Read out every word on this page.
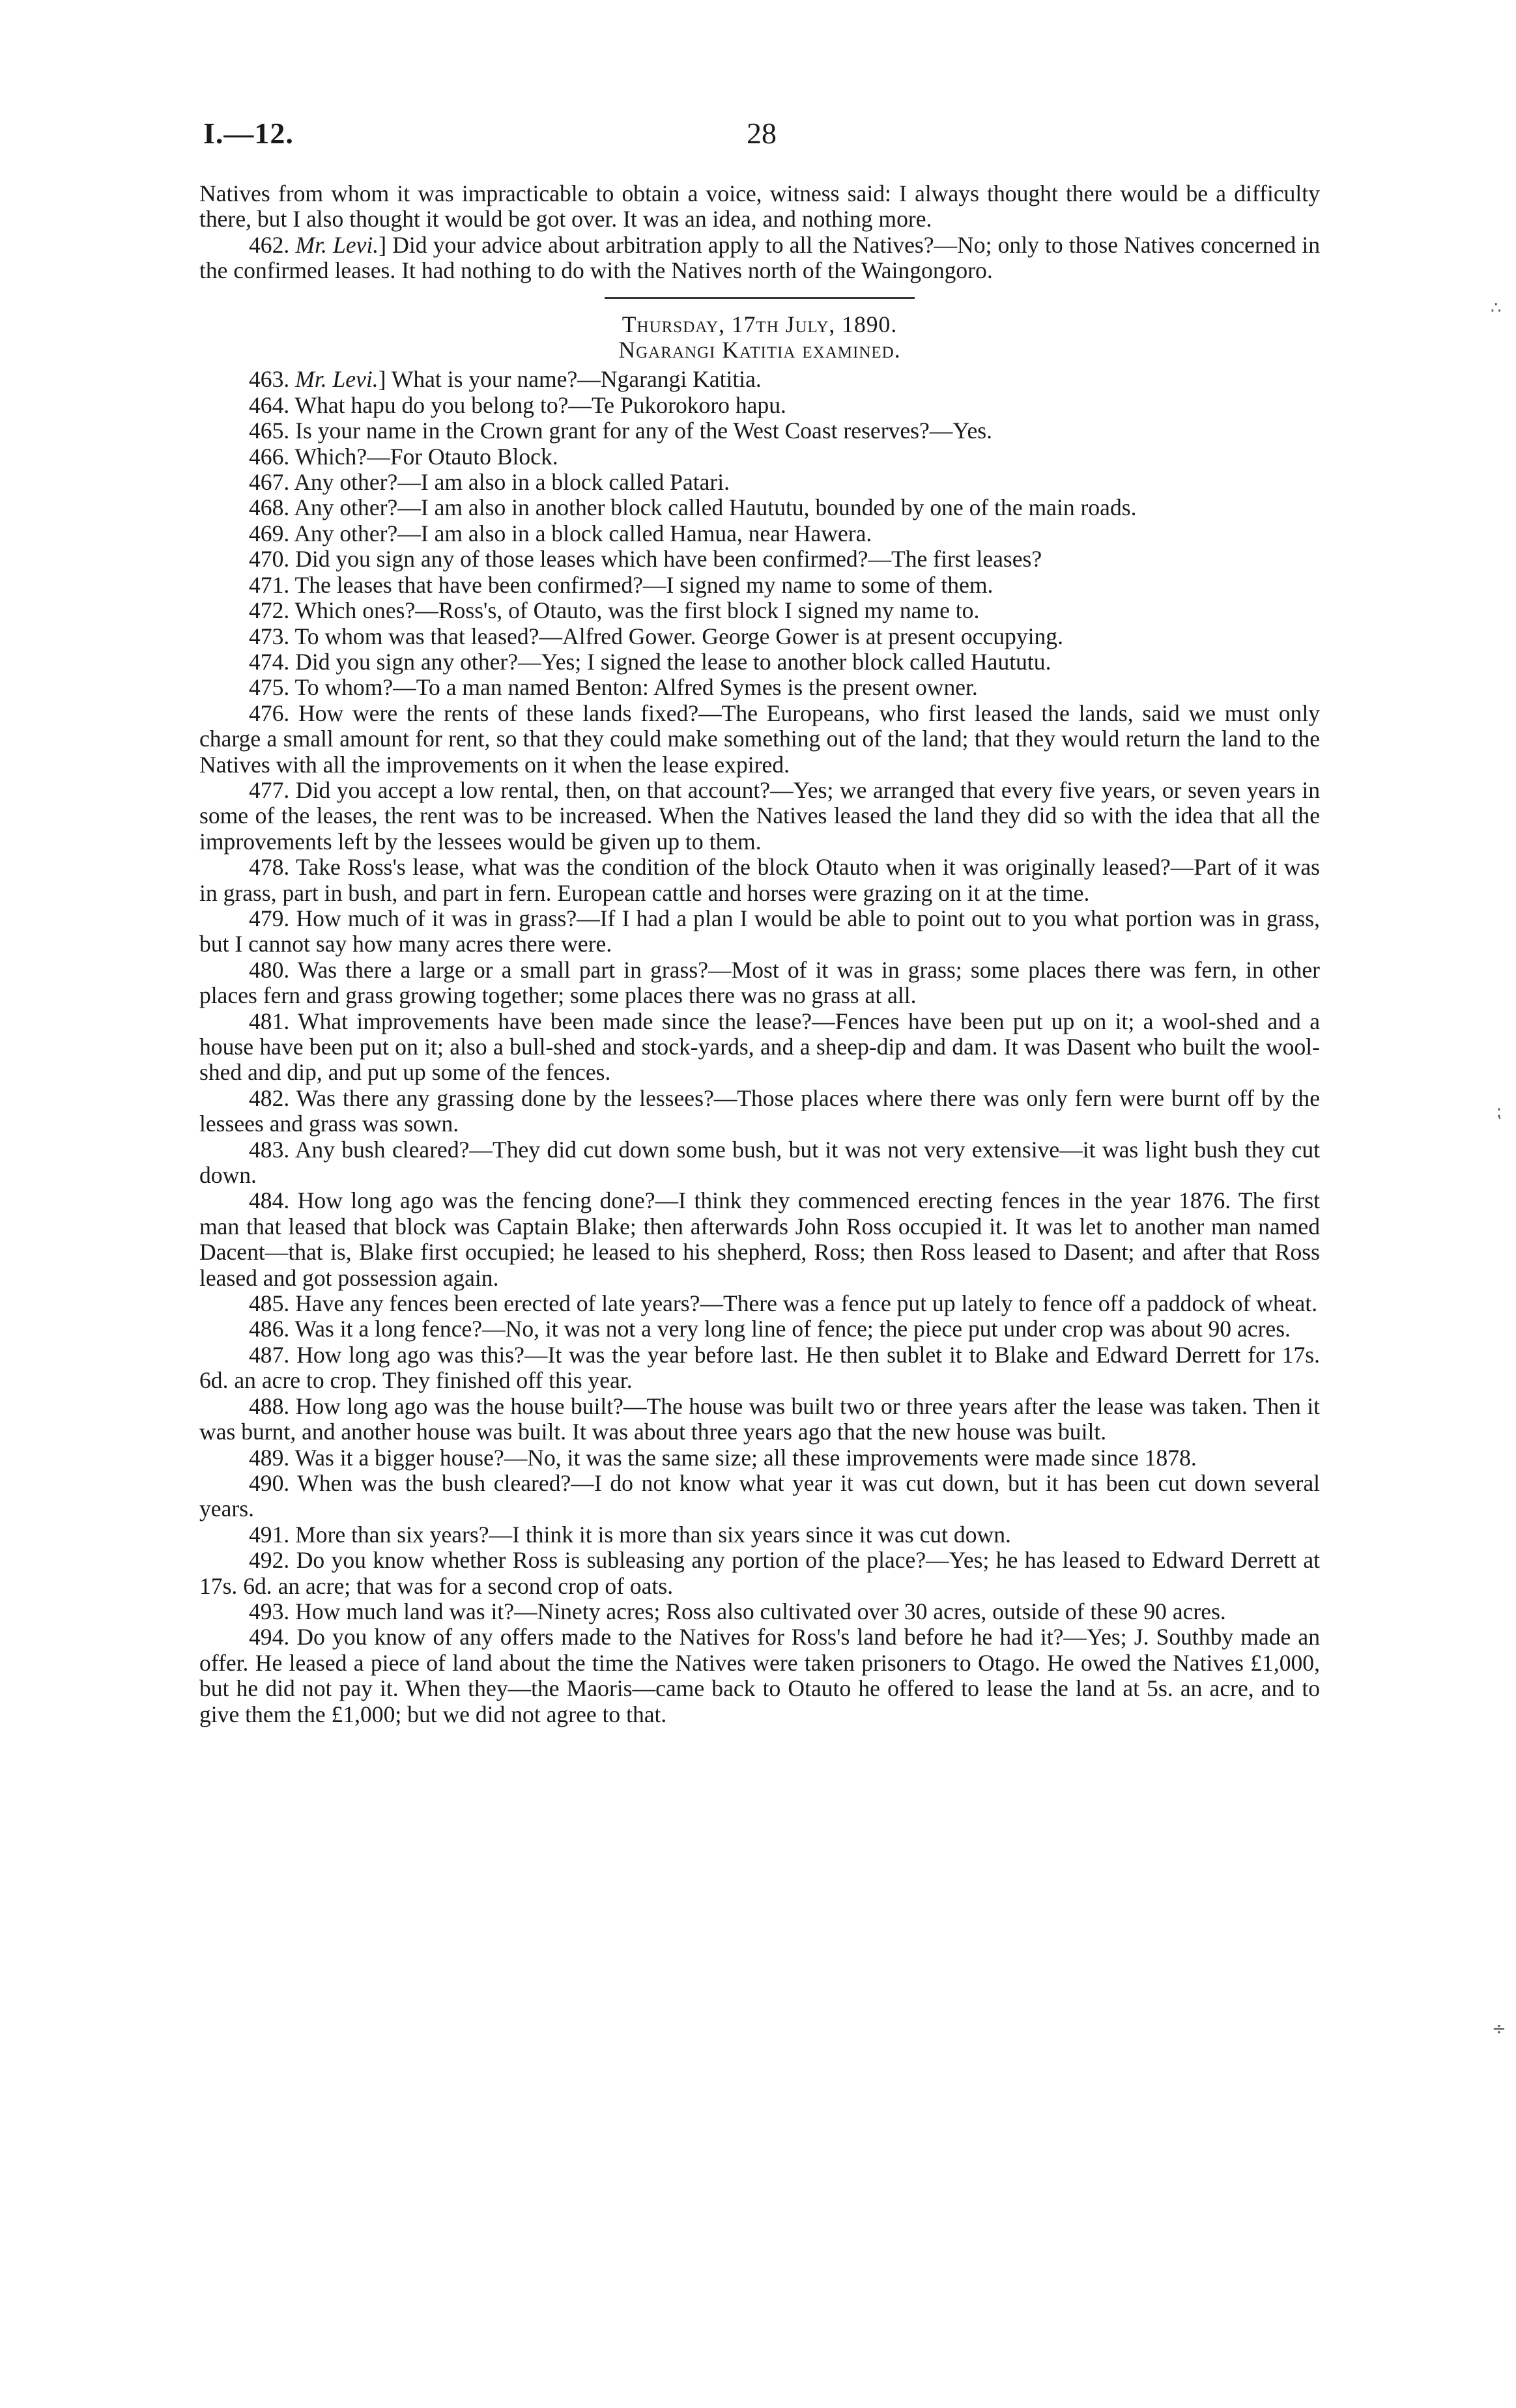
I.—12.	28
∴
⁏
÷

Natives from whom it was impracticable to obtain a voice, witness said: I always thought there would be a difficulty there, but I also thought it would be got over. It was an idea, and nothing more.

462. Mr. Levi.] Did your advice about arbitration apply to all the Natives?—No; only to those Natives concerned in the confirmed leases. It had nothing to do with the Natives north of the Waingongoro.

Thursday, 17th July, 1890.
Ngarangi Katitia examined.

463. Mr. Levi.] What is your name?—Ngarangi Katitia.

464. What hapu do you belong to?—Te Pukorokoro hapu.

465. Is your name in the Crown grant for any of the West Coast reserves?—Yes.

466. Which?—For Otauto Block.

467. Any other?—I am also in a block called Patari.

468. Any other?—I am also in another block called Haututu, bounded by one of the main roads.

469. Any other?—I am also in a block called Hamua, near Hawera.

470. Did you sign any of those leases which have been confirmed?—The first leases?

471. The leases that have been confirmed?—I signed my name to some of them.

472. Which ones?—Ross's, of Otauto, was the first block I signed my name to.

473. To whom was that leased?—Alfred Gower. George Gower is at present occupying.

474. Did you sign any other?—Yes; I signed the lease to another block called Haututu.

475. To whom?—To a man named Benton: Alfred Symes is the present owner.

476. How were the rents of these lands fixed?—The Europeans, who first leased the lands, said we must only charge a small amount for rent, so that they could make something out of the land; that they would return the land to the Natives with all the improvements on it when the lease expired.

477. Did you accept a low rental, then, on that account?—Yes; we arranged that every five years, or seven years in some of the leases, the rent was to be increased. When the Natives leased the land they did so with the idea that all the improvements left by the lessees would be given up to them.

478. Take Ross's lease, what was the condition of the block Otauto when it was originally leased?—Part of it was in grass, part in bush, and part in fern. European cattle and horses were grazing on it at the time.

479. How much of it was in grass?—If I had a plan I would be able to point out to you what portion was in grass, but I cannot say how many acres there were.

480. Was there a large or a small part in grass?—Most of it was in grass; some places there was fern, in other places fern and grass growing together; some places there was no grass at all.

481. What improvements have been made since the lease?—Fences have been put up on it; a wool-shed and a house have been put on it; also a bull-shed and stock-yards, and a sheep-dip and dam. It was Dasent who built the wool-shed and dip, and put up some of the fences.

482. Was there any grassing done by the lessees?—Those places where there was only fern were burnt off by the lessees and grass was sown.

483. Any bush cleared?—They did cut down some bush, but it was not very extensive—it was light bush they cut down.

484. How long ago was the fencing done?—I think they commenced erecting fences in the year 1876. The first man that leased that block was Captain Blake; then afterwards John Ross occupied it. It was let to another man named Dacent—that is, Blake first occupied; he leased to his shepherd, Ross; then Ross leased to Dasent; and after that Ross leased and got possession again.

485. Have any fences been erected of late years?—There was a fence put up lately to fence off a paddock of wheat.

486. Was it a long fence?—No, it was not a very long line of fence; the piece put under crop was about 90 acres.

487. How long ago was this?—It was the year before last. He then sublet it to Blake and Edward Derrett for 17s. 6d. an acre to crop. They finished off this year.

488. How long ago was the house built?—The house was built two or three years after the lease was taken. Then it was burnt, and another house was built. It was about three years ago that the new house was built.

489. Was it a bigger house?—No, it was the same size; all these improvements were made since 1878.

490. When was the bush cleared?—I do not know what year it was cut down, but it has been cut down several years.

491. More than six years?—I think it is more than six years since it was cut down.

492. Do you know whether Ross is subleasing any portion of the place?—Yes; he has leased to Edward Derrett at 17s. 6d. an acre; that was for a second crop of oats.

493. How much land was it?—Ninety acres; Ross also cultivated over 30 acres, outside of these 90 acres.

494. Do you know of any offers made to the Natives for Ross's land before he had it?—Yes; J. Southby made an offer. He leased a piece of land about the time the Natives were taken prisoners to Otago. He owed the Natives £1,000, but he did not pay it. When they—the Maoris—came back to Otauto he offered to lease the land at 5s. an acre, and to give them the £1,000; but we did not agree to that.
